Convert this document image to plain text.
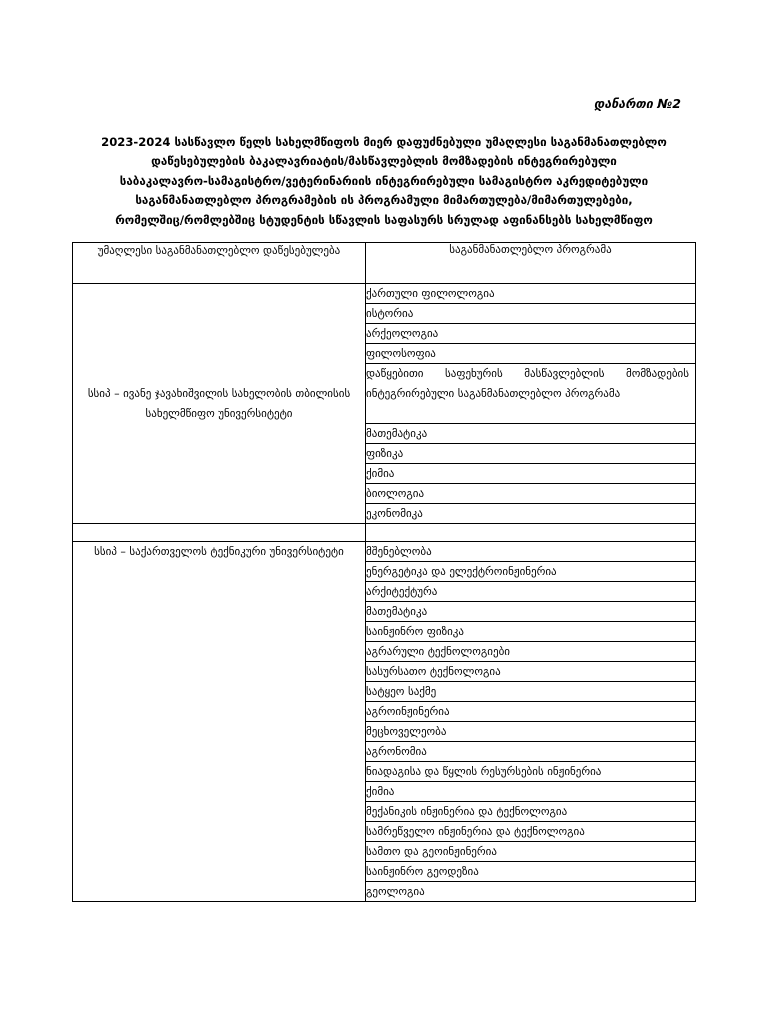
დანართი №2
2023-2024 სასწავლო წელს სახელმწიფოს მიერ დაფუძნებული უმაღლესი საგანმანათლებლო
დაწესებულების ბაკალავრიატის/მასწავლებლის მომზადების ინტეგრირებული
საბაკალავრო-სამაგისტრო/ვეტერინარიის ინტეგრირებული სამაგისტრო აკრედიტებული
საგანმანათლებლო პროგრამების ის პროგრამული მიმართულება/მიმართულებები,
რომელშიც/რომლებშიც სტუდენტის სწავლის საფასურს სრულად აფინანსებს სახელმწიფო
უმაღლესი საგანმანათლებლო დაწესებულება	საგანმანათლებლო პროგრამა

სსიპ – ივანე ჯავახიშვილის სახელობის თბილისის სახელმწიფო უნივერსიტეტი	ქართული ფილოლოგია
	ისტორია
	არქეოლოგია
	ფილოსოფია
	დაწყებითი საფეხურის მასწავლებლის მომზადების ინტეგრირებული საგანმანათლებლო პროგრამა
	მათემატიკა
	ფიზიკა
	ქიმია
	ბიოლოგია
	ეკონომიკა

სსიპ – საქართველოს ტექნიკური უნივერსიტეტი	მშენებლობა
	ენერგეტიკა და ელექტროინჟინერია
	არქიტექტურა
	მათემატიკა
	საინჟინრო ფიზიკა
	აგრარული ტექნოლოგიები
	სასურსათო ტექნოლოგია
	სატყეო საქმე
	აგროინჟინერია
	მეცხოველეობა
	აგრონომია
	ნიადაგისა და წყლის რესურსების ინჟინერია
	ქიმია
	მექანიკის ინჟინერია და ტექნოლოგია
	სამრეწველო ინჟინერია და ტექნოლოგია
	სამთო და გეოინჟინერია
	საინჟინრო გეოდეზია
	გეოლოგია
